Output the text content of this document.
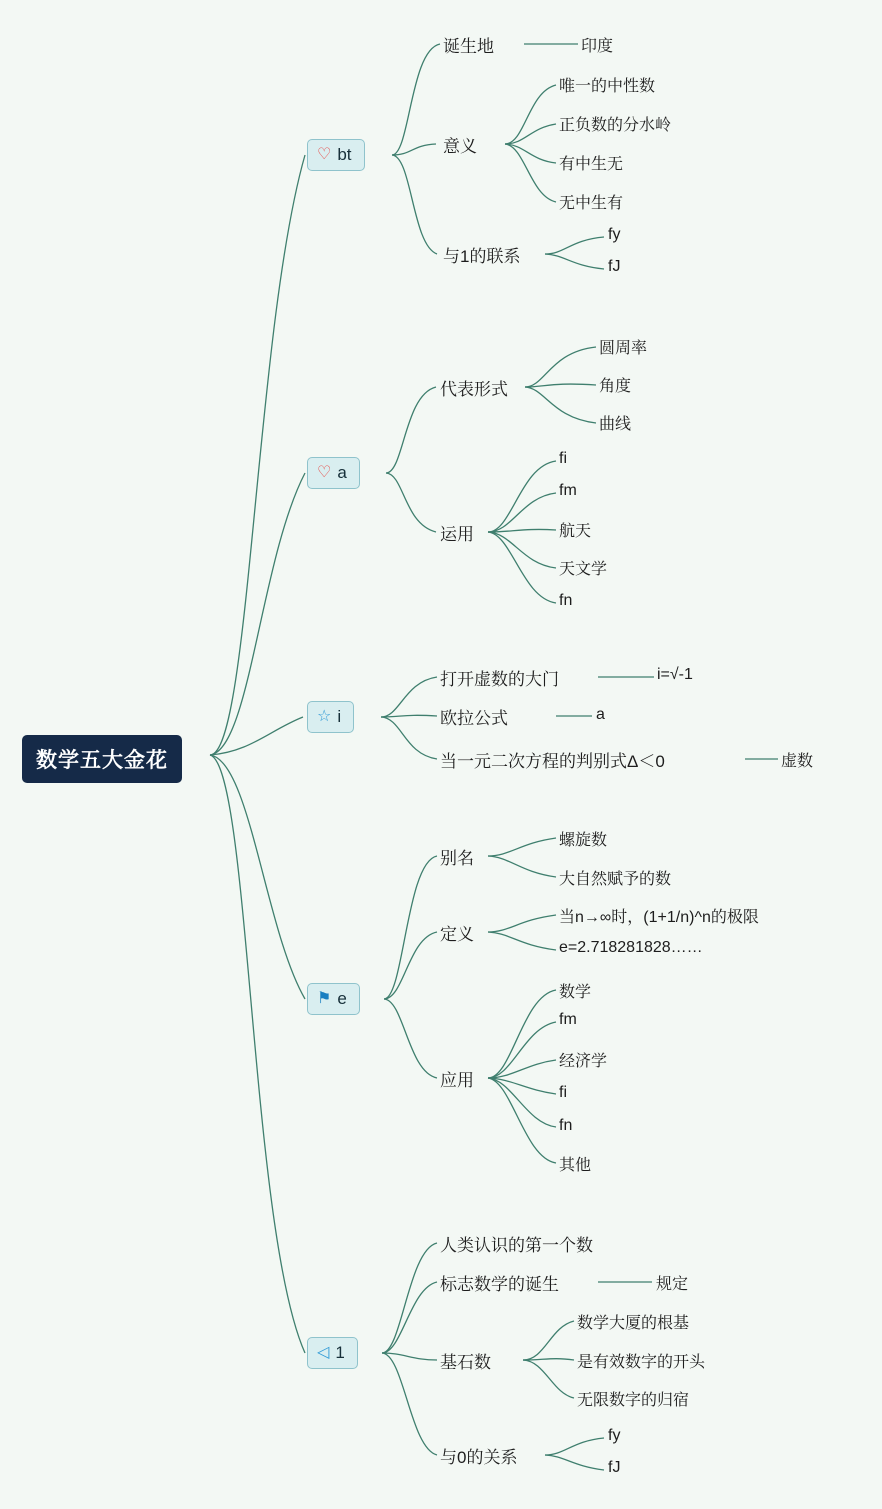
数学五大金花
♡ bt
诞生地	印度
意义
唯一的中性数
正负数的分水岭
有中生无
无中生有
与1的联系
fy
fJ
♡ a
代表形式
圆周率
角度
曲线
运用
fi
fm
航天
天文学
fn
☆ i
打开虚数的大门	i=√-1
欧拉公式	a
当一元二次方程的判别式Δ＜0	虚数
⚑ e
别名
螺旋数
大自然赋予的数
定义
当n→∞时，(1+1/n)^n的极限
e=2.718281828……
应用
数学
fm
经济学
fi
fn
其他
◁ 1
人类认识的第一个数
标志数学的诞生	规定
基石数
数学大厦的根基
是有效数字的开头
无限数字的归宿
与0的关系
fy
fJ
